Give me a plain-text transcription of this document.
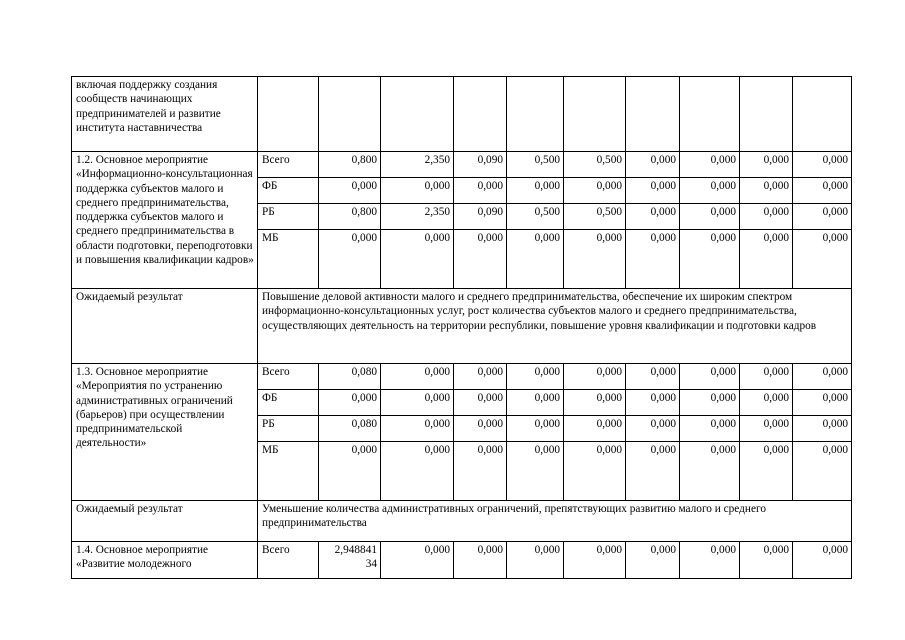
включая поддержку создания сообществ начинающих предпринимателей и развитие института наставничества										
1.2. Основное мероприятие «Информационно-консультационная поддержка субъектов малого и среднего предпринимательства, поддержка субъектов малого и среднего предпринимательства в области подготовки, переподготовки и повышения квалификации кадров»	Всего	0,800	2,350	0,090	0,500	0,500	0,000	0,000	0,000	0,000
	ФБ	0,000	0,000	0,000	0,000	0,000	0,000	0,000	0,000	0,000
	РБ	0,800	2,350	0,090	0,500	0,500	0,000	0,000	0,000	0,000
	МБ	0,000	0,000	0,000	0,000	0,000	0,000	0,000	0,000	0,000
Ожидаемый результат	Повышение деловой активности малого и среднего предпринимательства, обеспечение их широким спектром информационно-консультационных услуг, рост количества субъектов малого и среднего предпринимательства, осуществляющих деятельность на территории республики, повышение уровня квалификации и подготовки кадров									
1.3. Основное мероприятие «Мероприятия по устранению административных ограничений (барьеров) при осуществлении предпринимательской деятельности»	Всего	0,080	0,000	0,000	0,000	0,000	0,000	0,000	0,000	0,000
	ФБ	0,000	0,000	0,000	0,000	0,000	0,000	0,000	0,000	0,000
	РБ	0,080	0,000	0,000	0,000	0,000	0,000	0,000	0,000	0,000
	МБ	0,000	0,000	0,000	0,000	0,000	0,000	0,000	0,000	0,000
Ожидаемый результат	Уменьшение количества административных ограничений, препятствующих развитию малого и среднего предпринимательства									
1.4. Основное мероприятие «Развитие молодежного	Всего	2,948841 34	0,000	0,000	0,000	0,000	0,000	0,000	0,000	0,000
